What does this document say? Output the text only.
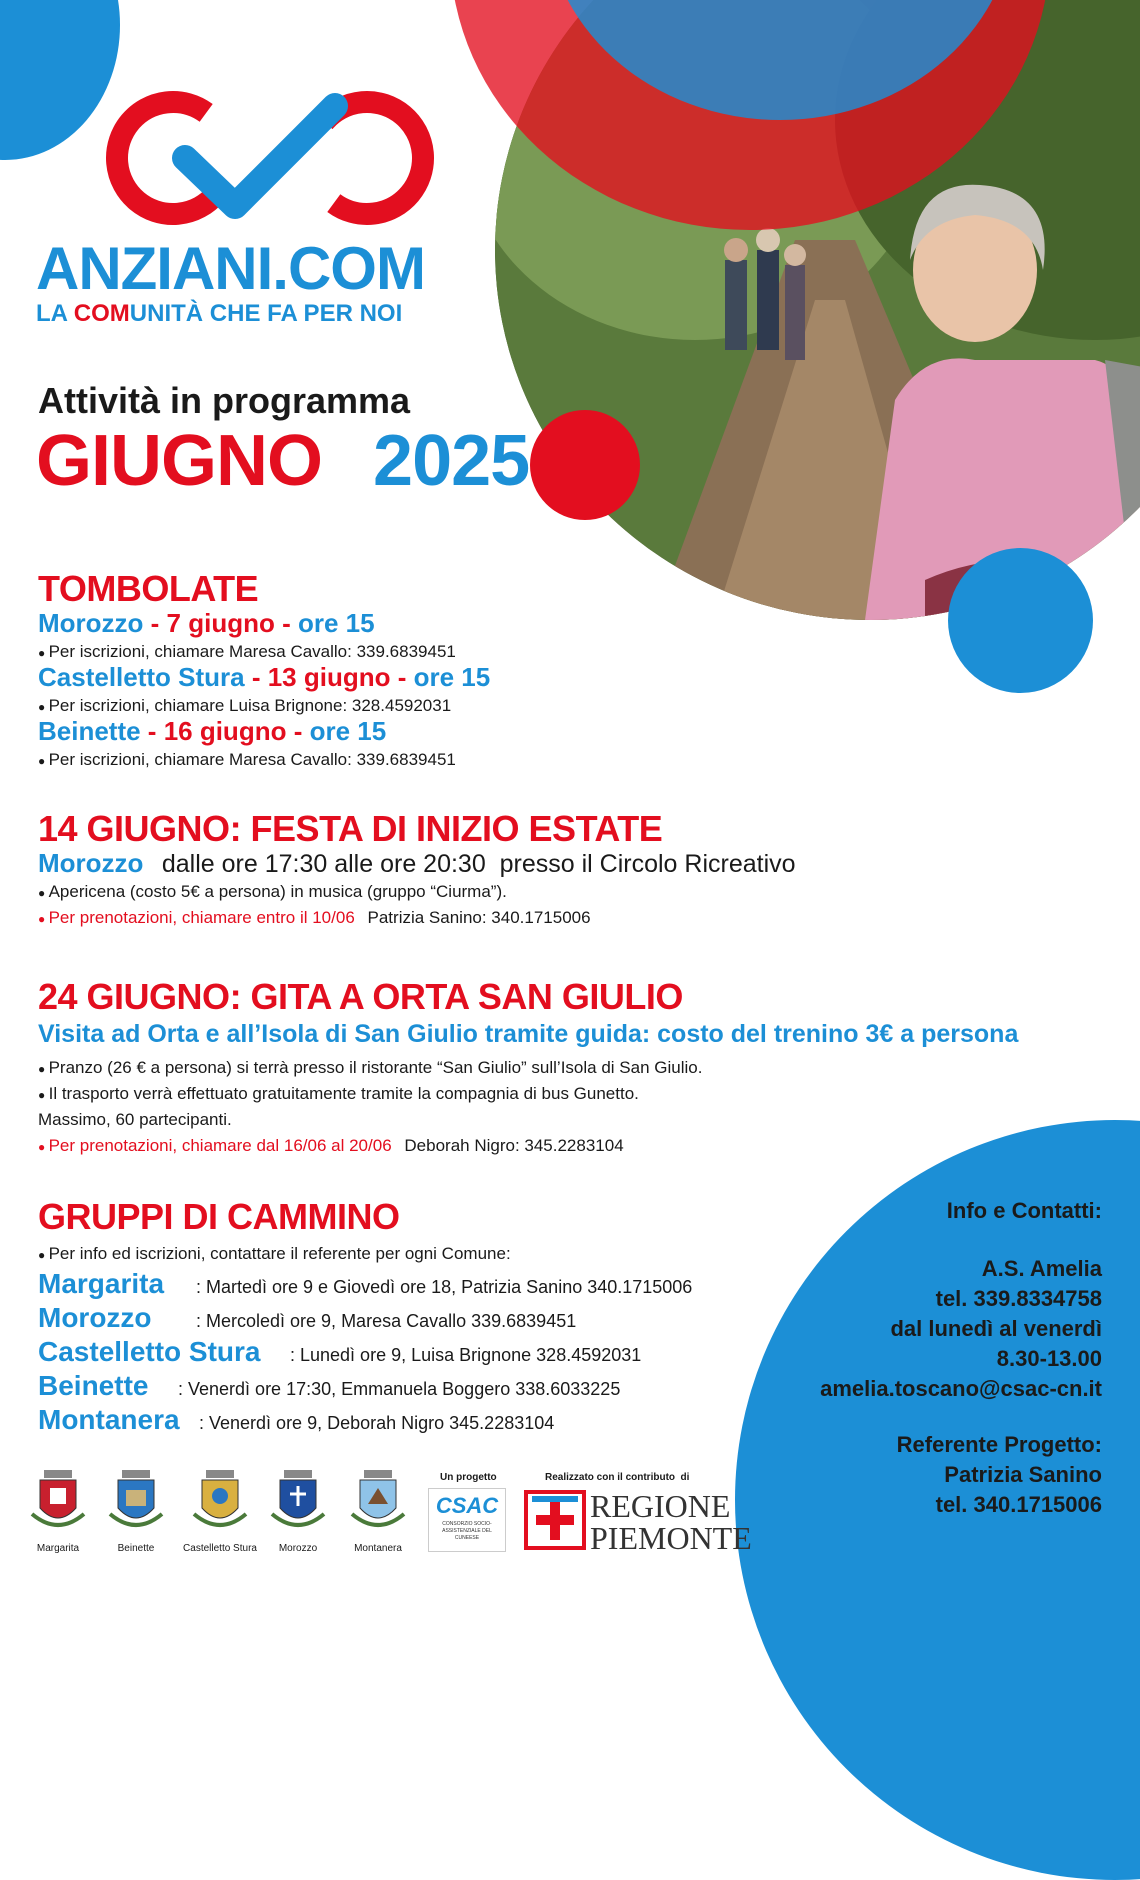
ANZIANI.COM
LA COMUNITÀ CHE FA PER NOI
Attività in programma
GIUGNO 2025
TOMBOLATE
Morozzo - 7 giugno - ore 15
● Per iscrizioni, chiamare Maresa Cavallo: 339.6839451
Castelletto Stura - 13 giugno - ore 15
● Per iscrizioni, chiamare Luisa Brignone: 328.4592031
Beinette - 16 giugno - ore 15
● Per iscrizioni, chiamare Maresa Cavallo: 339.6839451
14 GIUGNO: FESTA DI INIZIO ESTATE
Morozzo dalle ore 17:30 alle ore 20:30  presso il Circolo Ricreativo
● Apericena (costo 5€ a persona) in musica (gruppo “Ciurma”).
● Per prenotazioni, chiamare entro il 10/06 Patrizia Sanino: 340.1715006
24 GIUGNO: GITA A ORTA SAN GIULIO
Visita ad Orta e all’Isola di San Giulio tramite guida: costo del trenino 3€ a persona
● Pranzo (26 € a persona) si terrà presso il ristorante “San Giulio” sull’Isola di San Giulio.
● Il trasporto verrà effettuato gratuitamente tramite la compagnia di bus Gunetto.
Massimo, 60 partecipanti.
● Per prenotazioni, chiamare dal 16/06 al 20/06 Deborah Nigro: 345.2283104
GRUPPI DI CAMMINO
● Per info ed iscrizioni, contattare il referente per ogni Comune:
Margarita	: Martedì ore 9 e Giovedì ore 18, Patrizia Sanino 340.1715006
Morozzo	: Mercoledì ore 9, Maresa Cavallo 339.6839451
Castelletto Stura	: Lunedì ore 9, Luisa Brignone 328.4592031
Beinette	: Venerdì ore 17:30, Emmanuela Boggero 338.6033225
Montanera	: Venerdì ore 9, Deborah Nigro 345.2283104
Info e Contatti:
A.S. Amelia
tel. 339.8334758
dal lunedì al venerdì
8.30-13.00
amelia.toscano@csac-cn.it
Referente Progetto:
Patrizia Sanino
tel. 340.1715006
Margarita	Beinette	Castelletto Stura	Morozzo	Montanera
Un progetto
CSAC
CONSORZIO SOCIO-ASSISTENZIALE DEL CUNEESE
Realizzato con il contributo  di
REGIONE
PIEMONTE
